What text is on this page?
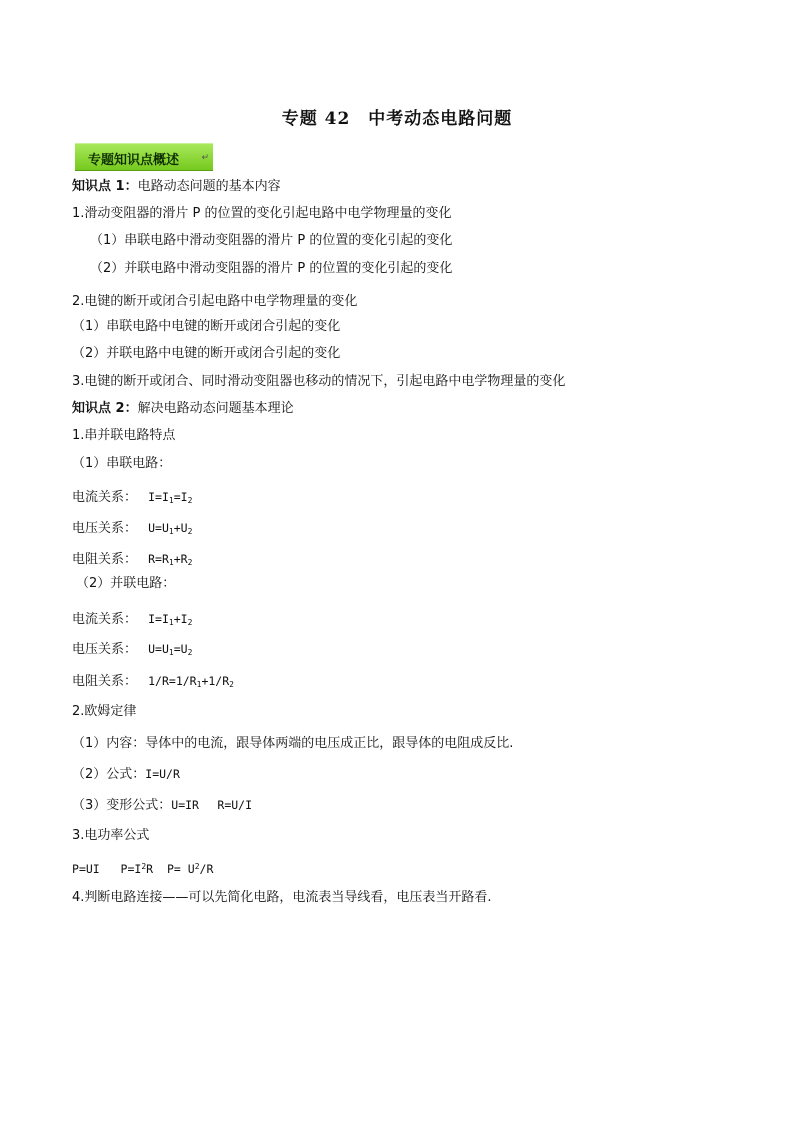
专题 42　中考动态电路问题
专题知识点概述 ↵
知识点 1：电路动态问题的基本内容
1.滑动变阻器的滑片 P 的位置的变化引起电路中电学物理量的变化
（1）串联电路中滑动变阻器的滑片 P 的位置的变化引起的变化
（2）并联电路中滑动变阻器的滑片 P 的位置的变化引起的变化
2.电键的断开或闭合引起电路中电学物理量的变化
（1）串联电路中电键的断开或闭合引起的变化
（2）并联电路中电键的断开或闭合引起的变化
3.电键的断开或闭合、同时滑动变阻器也移动的情况下，引起电路中电学物理量的变化
知识点 2：解决电路动态问题基本理论
1.串并联电路特点
（1）串联电路：
电流关系： $I=I_1=I_2$
电压关系： $U=U_1+U_2$
电阻关系： $R=R_1+R_2$
（2）并联电路：
电流关系： $I=I_1+I_2$
电压关系： $U=U_1=U_2$
电阻关系： $1/R=1/R_1+1/R_2$
2.欧姆定律
（1）内容：导体中的电流，跟导体两端的电压成正比，跟导体的电阻成反比.
（2）公式：I=U/R
（3）变形公式：U=IR　 R=U/I
3.电功率公式
P=UI $P=I^2R$ $P= U^2/R$
4.判断电路连接——可以先简化电路，电流表当导线看，电压表当开路看.
